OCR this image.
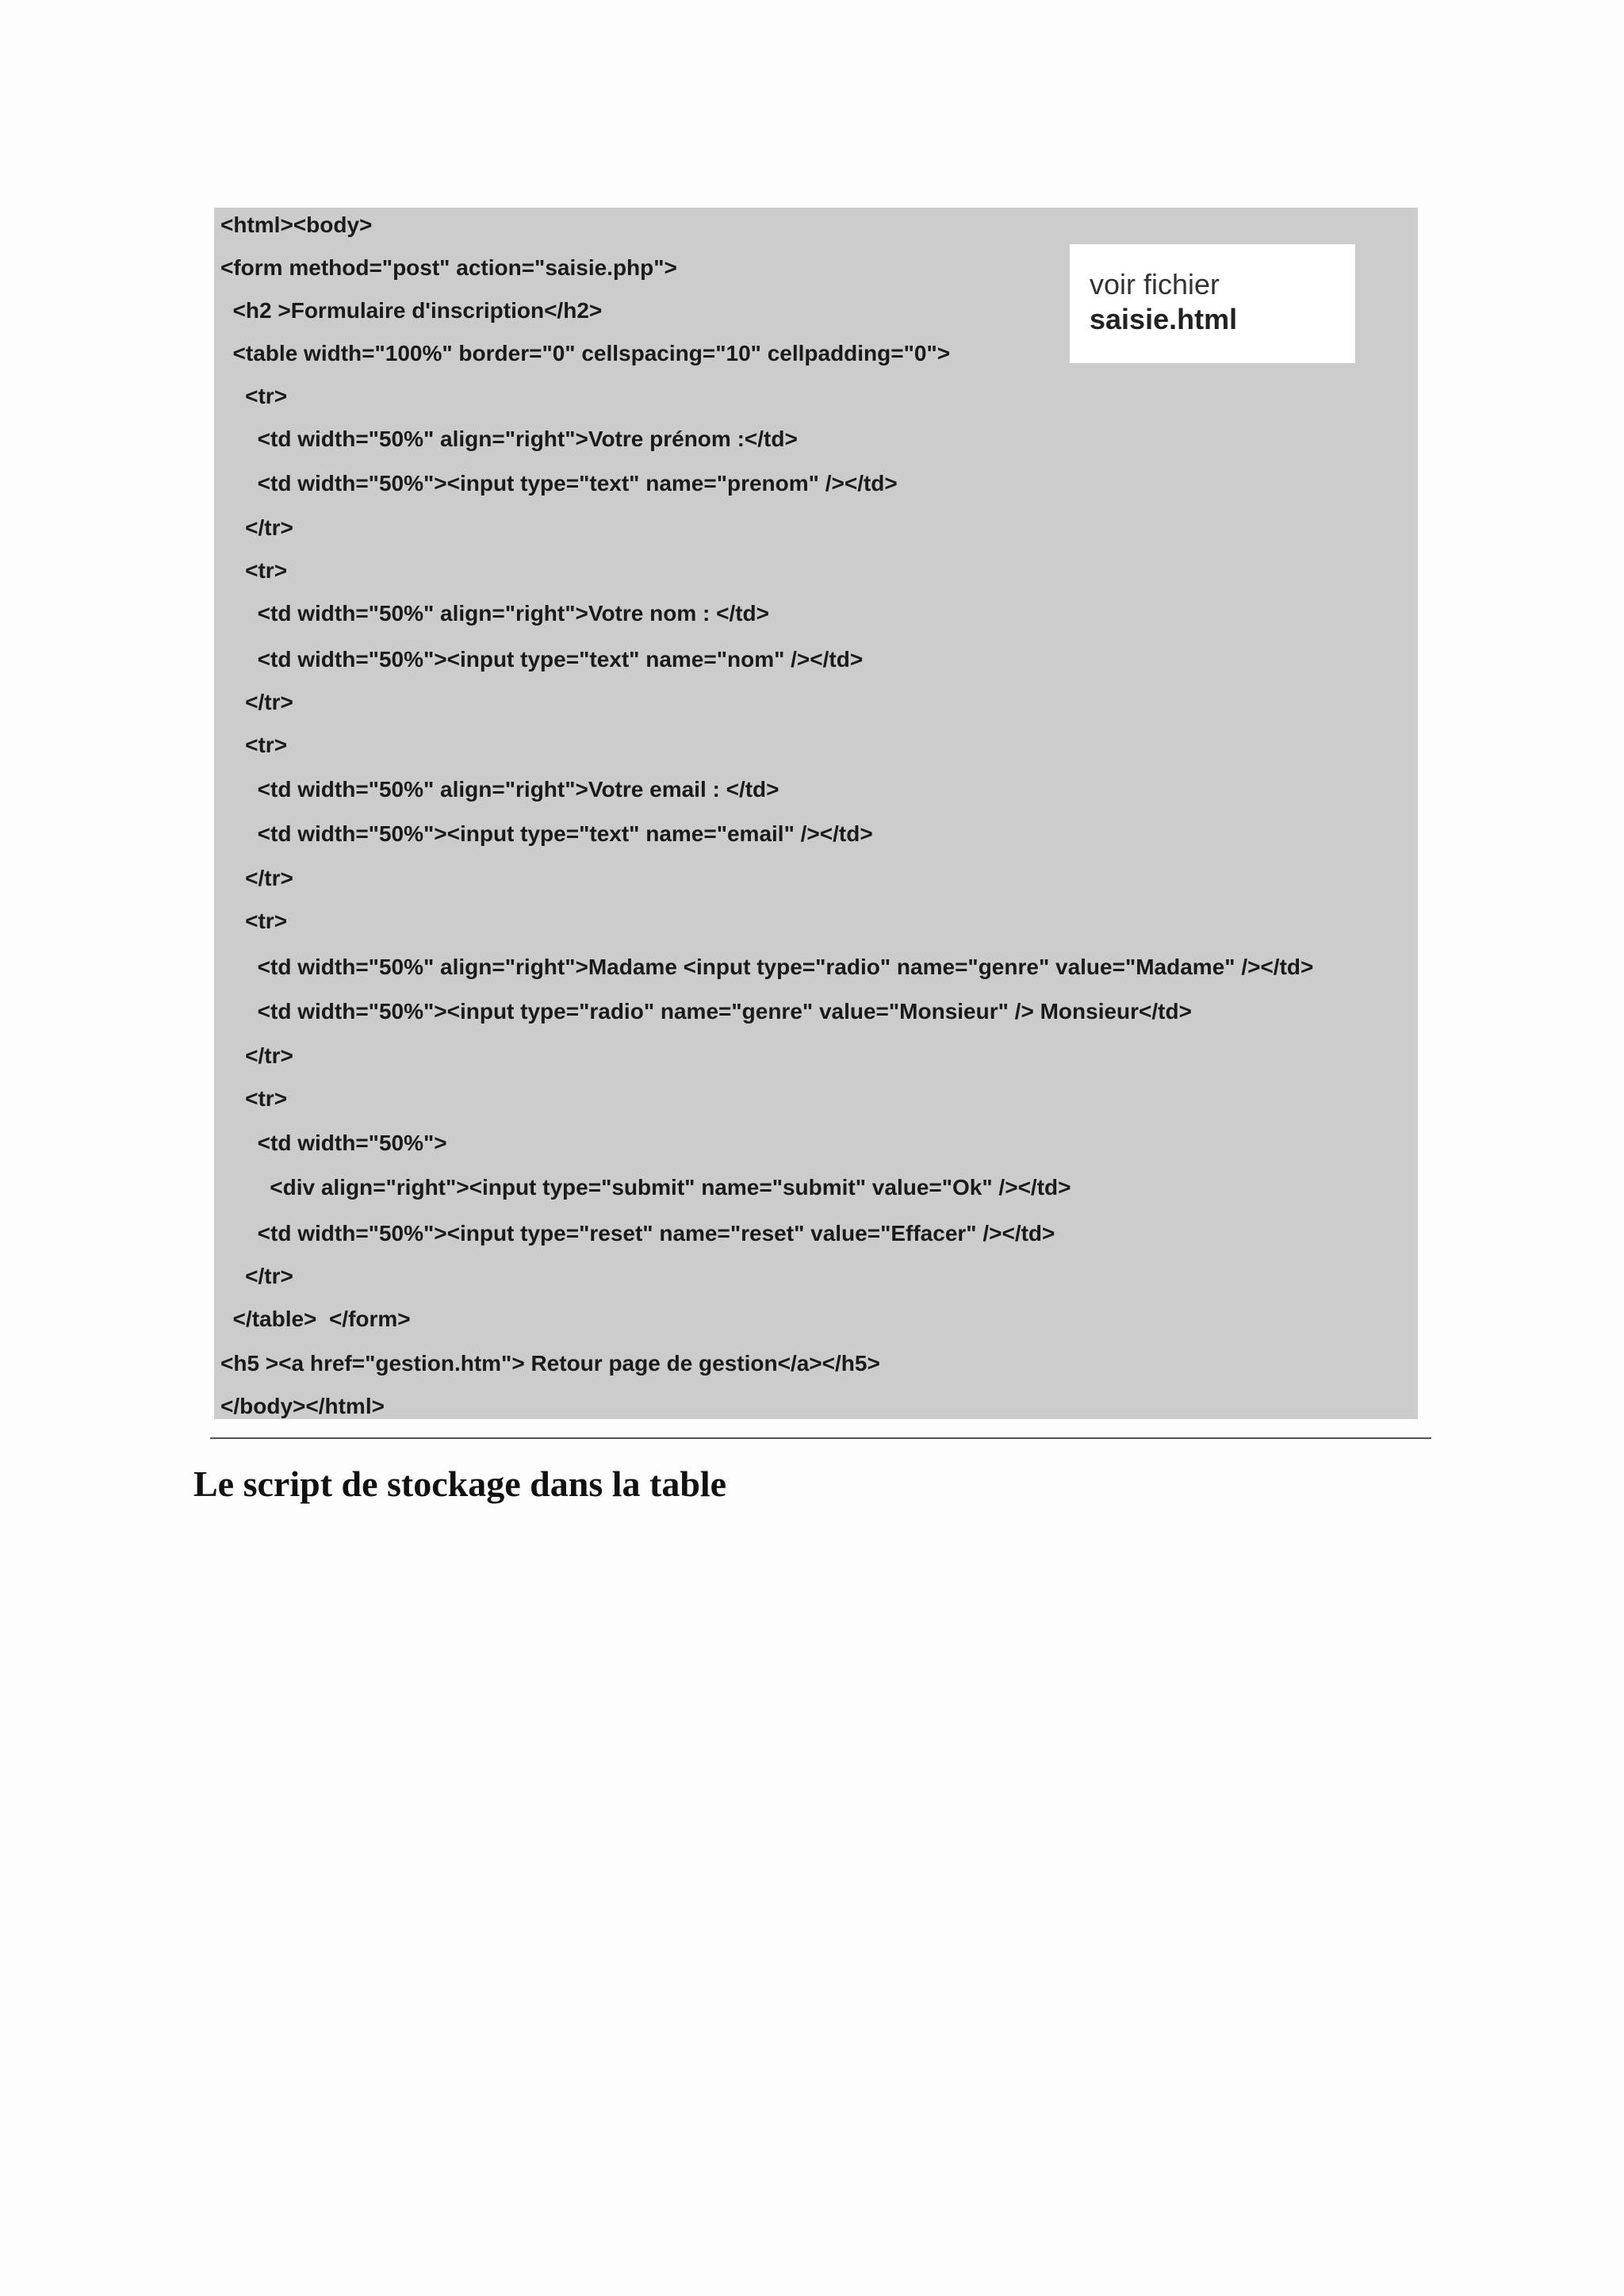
<html><body>
<form method="post" action="saisie.php">
<h2 >Formulaire d'inscription</h2>
<table width="100%" border="0" cellspacing="10" cellpadding="0">
<tr>
<td width="50%" align="right">Votre prénom :</td>
<td width="50%"><input type="text" name="prenom" /></td>
</tr>
<tr>
<td width="50%" align="right">Votre nom : </td>
<td width="50%"><input type="text" name="nom" /></td>
</tr>
<tr>
<td width="50%" align="right">Votre email : </td>
<td width="50%"><input type="text" name="email" /></td>
</tr>
<tr>
<td width="50%" align="right">Madame <input type="radio" name="genre" value="Madame" /></td>
<td width="50%"><input type="radio" name="genre" value="Monsieur" /> Monsieur</td>
</tr>
<tr>
<td width="50%">
<div align="right"><input type="submit" name="submit" value="Ok" /></td>
<td width="50%"><input type="reset" name="reset" value="Effacer" /></td>
</tr>
</table>  </form>
<h5 ><a href="gestion.htm"> Retour page de gestion</a></h5>
</body></html>
voir fichier
saisie.html
Le script de stockage dans la table
